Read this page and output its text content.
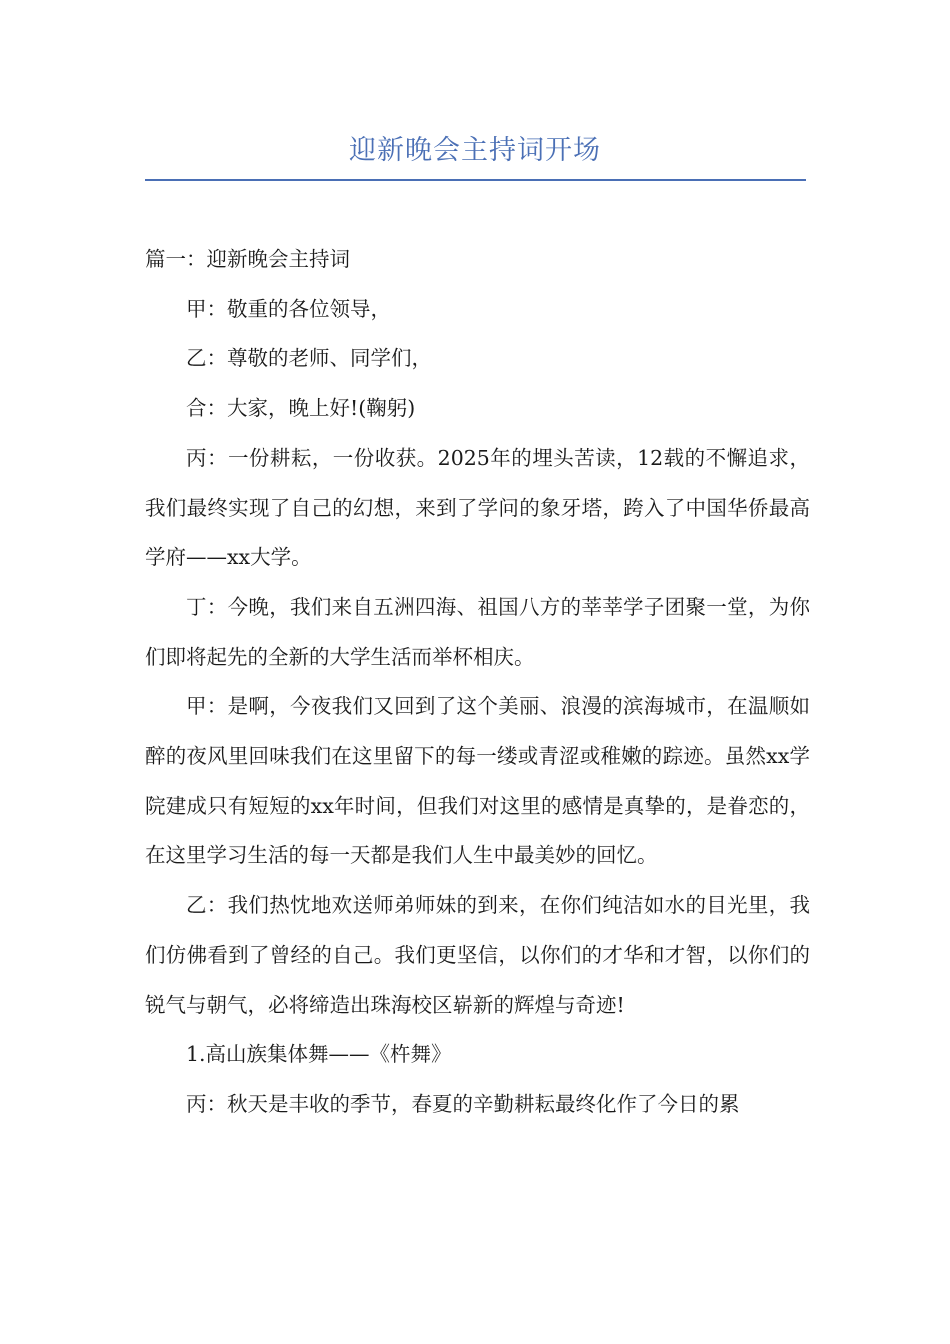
迎新晚会主持词开场

篇一：迎新晚会主持词

甲：敬重的各位领导，

乙：尊敬的老师、同学们，

合：大家，晚上好!(鞠躬)

丙：一份耕耘，一份收获。2025年的埋头苦读，12载的不懈追求，我们最终实现了自己的幻想，来到了学问的象牙塔，跨入了中国华侨最高学府——xx大学。

丁：今晚，我们来自五洲四海、祖国八方的莘莘学子团聚一堂，为你们即将起先的全新的大学生活而举杯相庆。

甲：是啊，今夜我们又回到了这个美丽、浪漫的滨海城市，在温顺如醉的夜风里回味我们在这里留下的每一缕或青涩或稚嫩的踪迹。虽然xx学院建成只有短短的xx年时间，但我们对这里的感情是真挚的，是眷恋的，在这里学习生活的每一天都是我们人生中最美妙的回忆。

乙：我们热忱地欢送师弟师妹的到来，在你们纯洁如水的目光里，我们仿佛看到了曾经的自己。我们更坚信，以你们的才华和才智，以你们的锐气与朝气，必将缔造出珠海校区崭新的辉煌与奇迹!

1.高山族集体舞——《杵舞》

丙：秋天是丰收的季节，春夏的辛勤耕耘最终化作了今日的累
